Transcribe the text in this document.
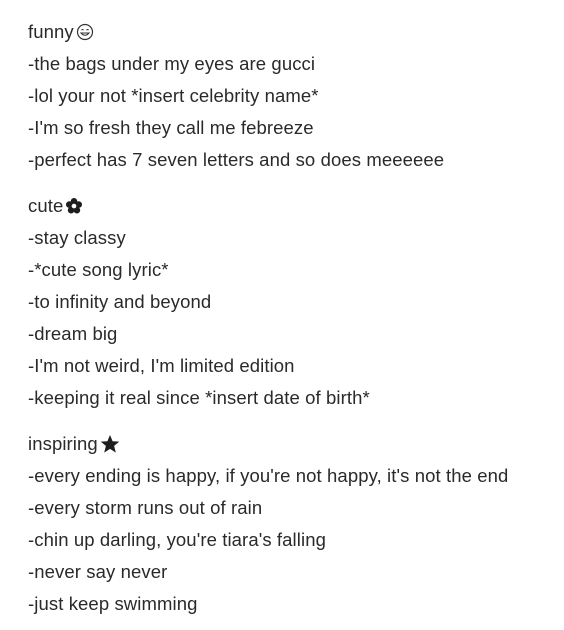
funny
-the bags under my eyes are gucci
-lol your not *insert celebrity name*
-I'm so fresh they call me febreeze
-perfect has 7 seven letters and so does meeeeee
cute
-stay classy
-*cute song lyric*
-to infinity and beyond
-dream big
-I'm not weird, I'm limited edition
-keeping it real since *insert date of birth*
inspiring
-every ending is happy, if you're not happy, it's not the end
-every storm runs out of rain
-chin up darling, you're tiara's falling
-never say never
-just keep swimming
